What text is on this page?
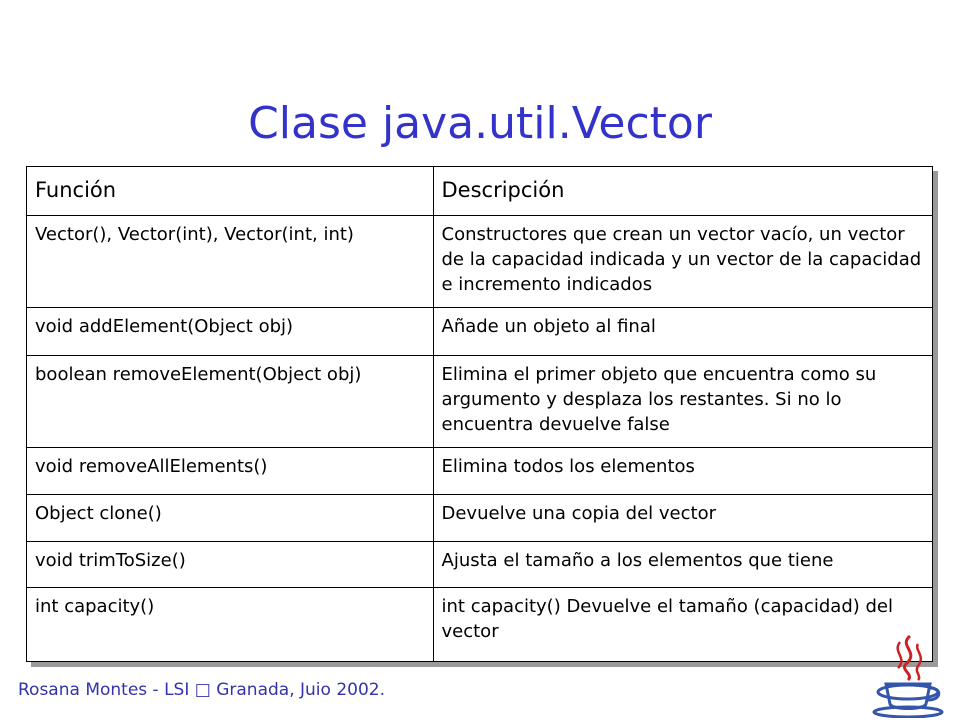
Clase java.util.Vector
Función	Descripción
Vector(), Vector(int), Vector(int, int)	Constructores que crean un vector vacío, un vector de la capacidad indicada y un vector de la capacidad e incremento indicados
void addElement(Object obj)	Añade un objeto al final
boolean removeElement(Object obj)	Elimina el primer objeto que encuentra como su argumento y desplaza los restantes. Si no lo encuentra devuelve false
void removeAllElements()	Elimina todos los elementos
Object clone()	Devuelve una copia del vector
void trimToSize()	Ajusta el tamaño a los elementos que tiene
int capacity()	int capacity() Devuelve el tamaño (capacidad) del vector
Rosana Montes - LSI □ Granada, Juio 2002.
